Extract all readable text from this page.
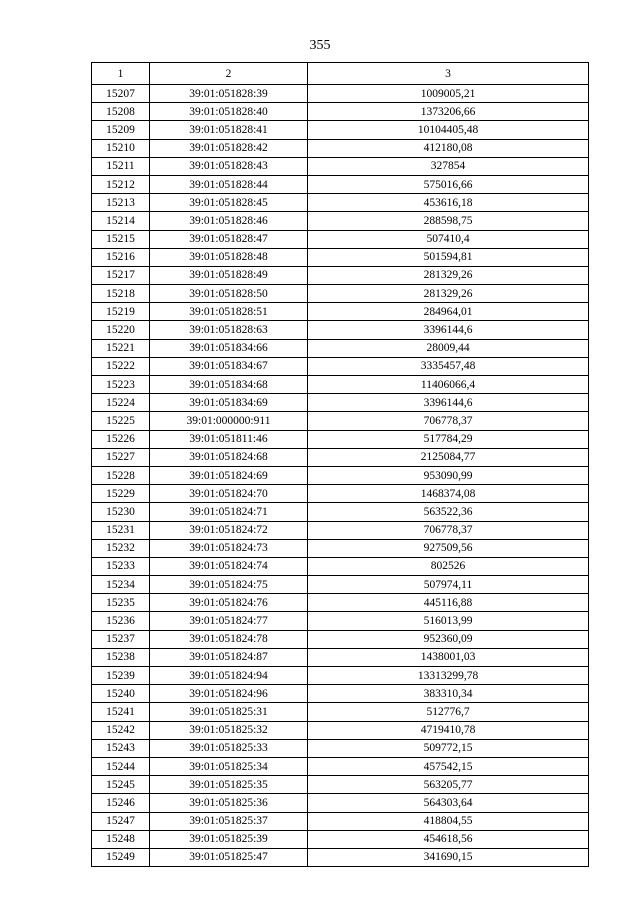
355
1	2	3
15207	39:01:051828:39	1009005,21
15208	39:01:051828:40	1373206,66
15209	39:01:051828:41	10104405,48
15210	39:01:051828:42	412180,08
15211	39:01:051828:43	327854
15212	39:01:051828:44	575016,66
15213	39:01:051828:45	453616,18
15214	39:01:051828:46	288598,75
15215	39:01:051828:47	507410,4
15216	39:01:051828:48	501594,81
15217	39:01:051828:49	281329,26
15218	39:01:051828:50	281329,26
15219	39:01:051828:51	284964,01
15220	39:01:051828:63	3396144,6
15221	39:01:051834:66	28009,44
15222	39:01:051834:67	3335457,48
15223	39:01:051834:68	11406066,4
15224	39:01:051834:69	3396144,6
15225	39:01:000000:911	706778,37
15226	39:01:051811:46	517784,29
15227	39:01:051824:68	2125084,77
15228	39:01:051824:69	953090,99
15229	39:01:051824:70	1468374,08
15230	39:01:051824:71	563522,36
15231	39:01:051824:72	706778,37
15232	39:01:051824:73	927509,56
15233	39:01:051824:74	802526
15234	39:01:051824:75	507974,11
15235	39:01:051824:76	445116,88
15236	39:01:051824:77	516013,99
15237	39:01:051824:78	952360,09
15238	39:01:051824:87	1438001,03
15239	39:01:051824:94	13313299,78
15240	39:01:051824:96	383310,34
15241	39:01:051825:31	512776,7
15242	39:01:051825:32	4719410,78
15243	39:01:051825:33	509772,15
15244	39:01:051825:34	457542,15
15245	39:01:051825:35	563205,77
15246	39:01:051825:36	564303,64
15247	39:01:051825:37	418804,55
15248	39:01:051825:39	454618,56
15249	39:01:051825:47	341690,15
